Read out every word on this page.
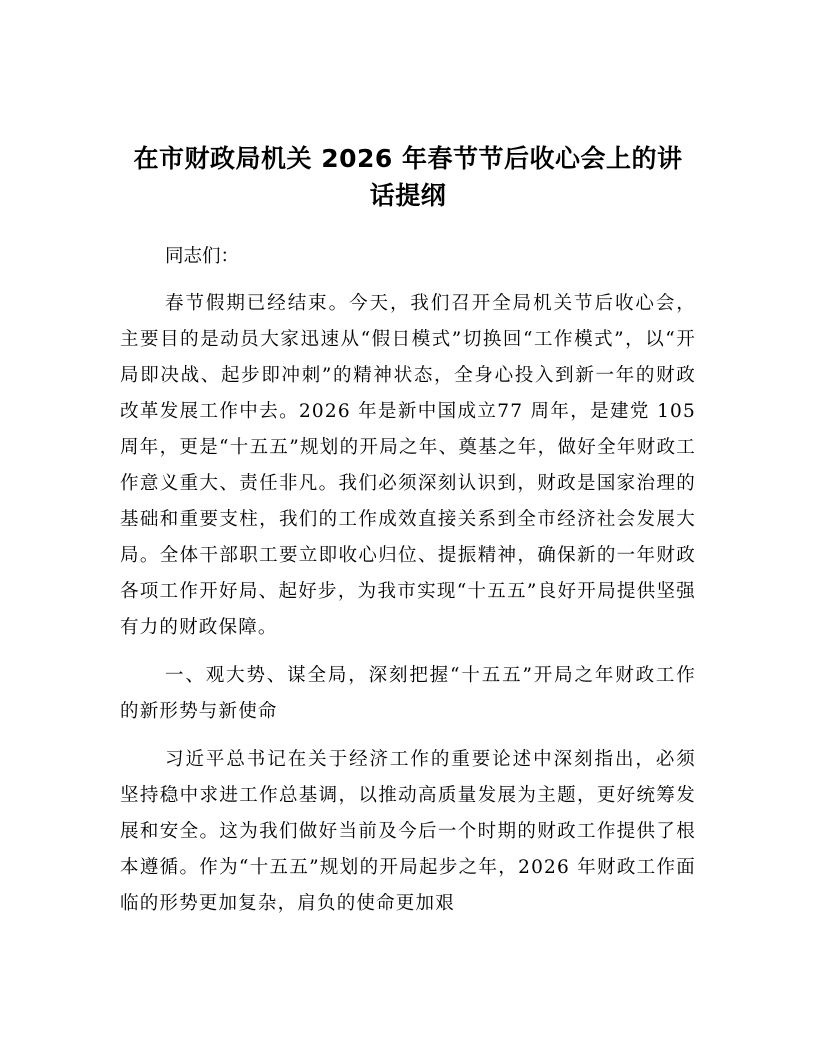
在市财政局机关 2026 年春节节后收心会上的讲
话提纲

同志们：

春节假期已经结束。今天，我们召开全局机关节后收心会，主要目的是动员大家迅速从“假日模式”切换回“工作模式”，以“开局即决战、起步即冲刺”的精神状态，全身心投入到新一年的财政改革发展工作中去。2026 年是新中国成立77 周年，是建党 105 周年，更是“十五五”规划的开局之年、奠基之年，做好全年财政工作意义重大、责任非凡。我们必须深刻认识到，财政是国家治理的基础和重要支柱，我们的工作成效直接关系到全市经济社会发展大局。全体干部职工要立即收心归位、提振精神，确保新的一年财政各项工作开好局、起好步，为我市实现“十五五”良好开局提供坚强有力的财政保障。

一、观大势、谋全局，深刻把握“十五五”开局之年财政工作的新形势与新使命

习近平总书记在关于经济工作的重要论述中深刻指出，必须坚持稳中求进工作总基调，以推动高质量发展为主题，更好统筹发展和安全。这为我们做好当前及今后一个时期的财政工作提供了根本遵循。作为“十五五”规划的开局起步之年，2026 年财政工作面临的形势更加复杂，肩负的使命更加艰
